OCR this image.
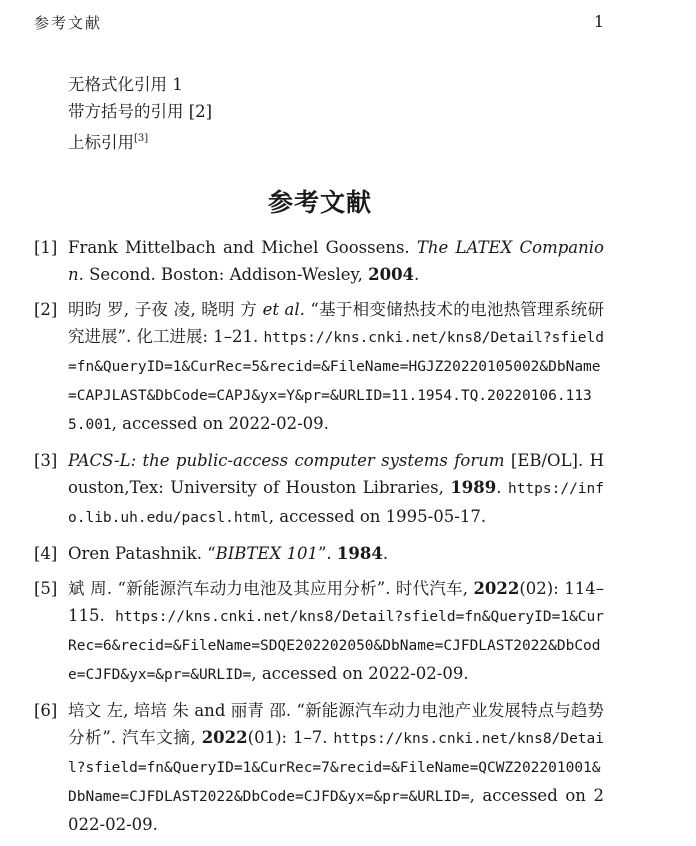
参考文献	1
无格式化引用 1
带方括号的引用 [2]
上标引用[3]
参考文献
[1] Frank Mittelbach and Michel Goossens. The LATEX Companion. Second. Boston: Addison-Wesley, 2004.
[2] 明昀 罗, 子夜 凌, 晓明 方 et al. “基于相变储热技术的电池热管理系统研究进展”. 化工进展: 1–21. https://kns.cnki.net/kns8/Detail?sfield=fn&QueryID=1&CurRec=5&recid=&FileName=HGJZ20220105002&DbName=CAPJLAST&DbCode=CAPJ&yx=Y&pr=&URLID=11.1954.TQ.20220106.1135.001, accessed on 2022-02-09.
[3] PACS-L: the public-access computer systems forum [EB/OL]. Houston,Tex: University of Houston Libraries, 1989. https://info.lib.uh.edu/pacsl.html, accessed on 1995-05-17.
[4] Oren Patashnik. “BIBTEX 101”. 1984.
[5] 斌 周. “新能源汽车动力电池及其应用分析”. 时代汽车, 2022(02): 114–115. https://kns.cnki.net/kns8/Detail?sfield=fn&QueryID=1&CurRec=6&recid=&FileName=SDQE202202050&DbName=CJFDLAST2022&DbCode=CJFD&yx=&pr=&URLID=, accessed on 2022-02-09.
[6] 培文 左, 培培 朱 and 丽青 邵. “新能源汽车动力电池产业发展特点与趋势分析”. 汽车文摘, 2022(01): 1–7. https://kns.cnki.net/kns8/Detail?sfield=fn&QueryID=1&CurRec=7&recid=&FileName=QCWZ202201001&DbName=CJFDLAST2022&DbCode=CJFD&yx=&pr=&URLID=, accessed on 2022-02-09.
